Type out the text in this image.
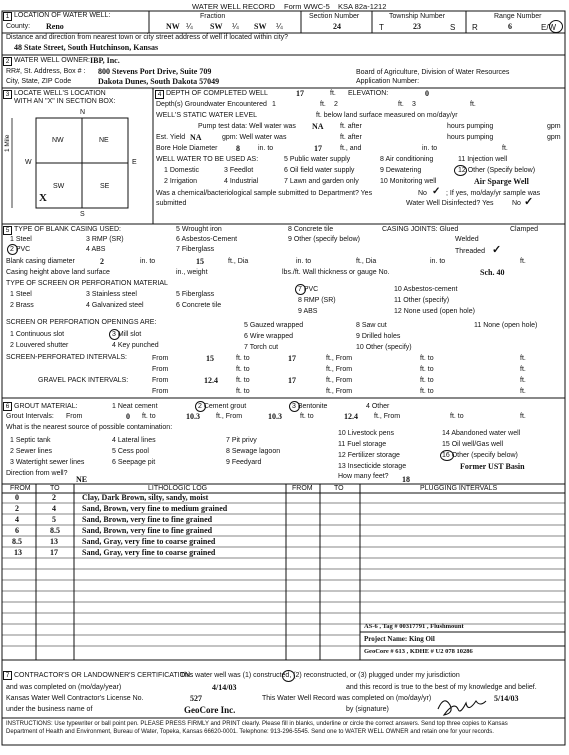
WATER WELL RECORD Form WWC-5 KSA 82a-1212
1 LOCATION OF WATER WELL:
County: Reno
Fraction
NW ¼ SW ¼ SW ¼
Section Number
24
Township Number
T	23	S
Range Number
R	6	E/W
Distance and direction from nearest town or city street address of well if located within city?
48 State Street, South Hutchinson, Kansas
2 WATER WELL OWNER: IBP, Inc.
RR#, St. Address, Box # : 800 Stevens Port Drive, Suite 709
City, State, ZIP Code	Dakota Dunes, South Dakota 57049
Board of Agriculture, Division of Water Resources
Application Number:
3 LOCATE WELL'S LOCATION
WITH AN "X" IN SECTION BOX:
N
S
W	E
1 Mile	NW	NE
SW	SE
X
4 DEPTH OF COMPLETED WELL	17	ft. ELEVATION:	0
Depth(s) Groundwater Encountered 1	ft. 2	ft. 3	ft.
WELL'S STATIC WATER LEVEL	ft. below land surface measured on mo/day/yr
Pump test data: Well water was NA ft. after	hours pumping	gpm
Est. Yield NA	gpm: Well water was	ft. after	hours pumping	gpm
Bore Hole Diameter 8	in. to	17	ft., and	in. to	ft.
WELL WATER TO BE USED AS:	5 Public water supply	8 Air conditioning	11 Injection well
1 Domestic	3 Feedlot	6 Oil field water supply	9 Dewatering	12 Other (Specify below)
2 Irrigation	4 Industrial	7 Lawn and garden only	10 Monitoring well	Air Sparge Well
Was a chemical/bacteriological sample submitted to Department? Yes	No ✓ ; If yes, mo/day/yr sample was
submitted	Water Well Disinfected? Yes	No ✓
5 TYPE OF BLANK CASING USED:	5 Wrought iron	8 Concrete tile	CASING JOINTS: Glued	Clamped
1 Steel	3 RMP (SR)	6 Asbestos-Cement	9 Other (specify below)	Welded
2 PVC	4 ABS	7 Fiberglass	Threaded ✓
Blank casing diameter	2	in. to	15	ft., Dia	in. to	ft., Dia	in. to	ft.
Casing height above land surface	in., weight	lbs./ft. Wall thickness or gauge No.	Sch. 40
TYPE OF SCREEN OR PERFORATION MATERIAL
1 Steel	3 Stainless steel	5 Fiberglass
7 PVC	10 Asbestos-cement
2 Brass	4 Galvanized steel	6 Concrete tile
8 RMP (SR)	11 Other (specify)
9 ABS	12 None used (open hole)
SCREEN OR PERFORATION OPENINGS ARE:	5 Gauzed wrapped	8 Saw cut	11 None (open hole)
1 Continuous slot	3 Mill slot	6 Wire wrapped	9 Drilled holes
2 Louvered shutter	4 Key punched	7 Torch cut	10 Other (specify)
SCREEN-PERFORATED INTERVALS:	From	15	ft. to	17	ft., From	ft. to	ft.
From	ft. to	ft., From	ft. to	ft.
GRAVEL PACK INTERVALS:	From	12.4	ft. to	17	ft., From	ft. to	ft.
From	ft. to	ft., From	ft. to	ft.
6 GROUT MATERIAL:	1 Neat cement	2 Cement grout	3 Bentonite	4 Other
Grout Intervals: From	0 ft. to	10.3 ft., From	10.3	ft. to	12.4 ft., From	ft. to	ft.
What is the nearest source of possible contamination:
10 Livestock pens	14 Abandoned water well
1 Septic tank	4 Lateral lines	7 Pit privy
11 Fuel storage	15 Oil well/Gas well
2 Sewer lines	5 Cess pool	8 Sewage lagoon
12 Fertilizer storage	16 Other (specify below)
3 Watertight sewer lines	6 Seepage pit	9 Feedyard
13 Insecticide storage	Former UST Basin
Direction from well?
NE	How many feet? 18
FROM	TO	LITHOLOGIC LOG	FROM	TO	PLUGGING INTERVALS
0	2	Clay, Dark Brown, silty, sandy, moist
2	4	Sand, Brown, very fine to medium grained
4	5	Sand, Brown, very fine to fine grained
6	8.5	Sand, Brown, very fine to fine grained
8.5	13	Sand, Gray, very fine to coarse grained
13	17	Sand, Gray, very fine to coarse grained
AS-6 , Tag # 00317791 , Flushmount
Project Name: King Oil
GeoCore # 613 , KDHE # U2 078 10286
7 CONTRACTOR'S OR LANDOWNER'S CERTIFICATION:
This water well was (1) constructed, (2) reconstructed, or (3) plugged under my jurisdiction
and was completed on (mo/day/year)	4/14/03	and this record is true to the best of my knowledge and belief.
Kansas Water Well Contractor's License No.	527	This Water Well Record was completed on (mo/day/yr)	5/14/03
under the business name of	GeoCore Inc.	by (signature)
INSTRUCTIONS: Use typewriter or ball point pen. PLEASE PRESS FIRMLY and PRINT clearly. Please fill in blanks, underline or circle the correct answers. Send top three copies to Kansas
Department of Health and Environment, Bureau of Water, Topeka, Kansas 66620-0001. Telephone: 913-296-5545. Send one to WATER WELL OWNER and retain one for your records.
